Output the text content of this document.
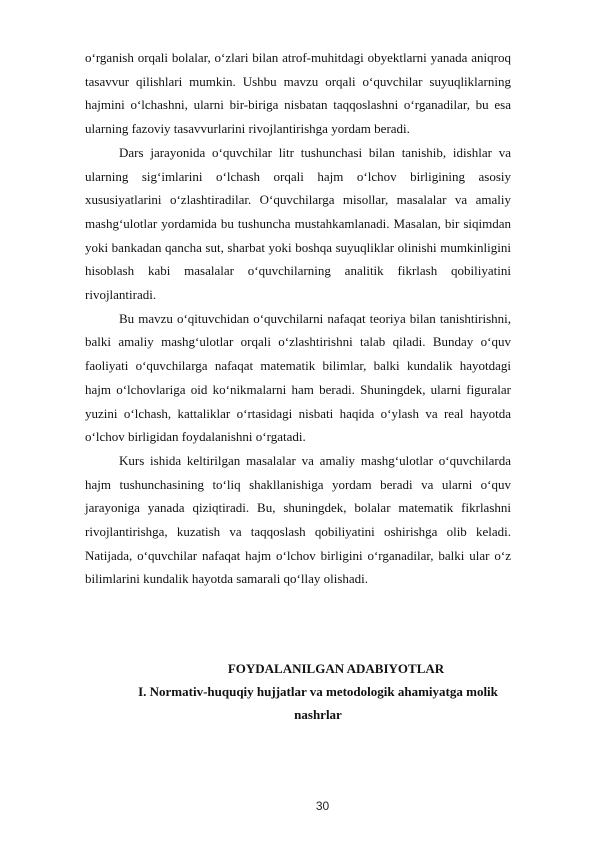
o‘rganish orqali bolalar, o‘zlari bilan atrof-muhitdagi obyektlarni yanada aniqroq tasavvur qilishlari mumkin. Ushbu mavzu orqali o‘quvchilar suyuqliklarning hajmini o‘lchashni, ularni bir-biriga nisbatan taqqoslashni o‘rganadilar, bu esa ularning fazoviy tasavvurlarini rivojlantirishga yordam beradi.

Dars jarayonida o‘quvchilar litr tushunchasi bilan tanishib, idishlar va ularning sig‘imlarini o‘lchash orqali hajm o‘lchov birligining asosiy xususiyatlarini o‘zlashtiradilar. O‘quvchilarga misollar, masalalar va amaliy mashg‘ulotlar yordamida bu tushuncha mustahkamlanadi. Masalan, bir siqimdan yoki bankadan qancha sut, sharbat yoki boshqa suyuqliklar olinishi mumkinligini hisoblash kabi masalalar o‘quvchilarning analitik fikrlash qobiliyatini rivojlantiradi.

Bu mavzu o‘qituvchidan o‘quvchilarni nafaqat teoriya bilan tanishtirishni, balki amaliy mashg‘ulotlar orqali o‘zlashtirishni talab qiladi. Bunday o‘quv faoliyati o‘quvchilarga nafaqat matematik bilimlar, balki kundalik hayotdagi hajm o‘lchovlariga oid ko‘nikmalarni ham beradi. Shuningdek, ularni figuralar yuzini o‘lchash, kattaliklar o‘rtasidagi nisbati haqida o‘ylash va real hayotda o‘lchov birligidan foydalanishni o‘rgatadi.

Kurs ishida keltirilgan masalalar va amaliy mashg‘ulotlar o‘quvchilarda hajm tushunchasining to‘liq shakllanishiga yordam beradi va ularni o‘quv jarayoniga yanada qiziqtiradi. Bu, shuningdek, bolalar matematik fikrlashni rivojlantirishga, kuzatish va taqqoslash qobiliyatini oshirishga olib keladi. Natijada, o‘quvchilar nafaqat hajm o‘lchov birligini o‘rganadilar, balki ular o‘z bilimlarini kundalik hayotda samarali qo‘llay olishadi.

FOYDALANILGAN ADABIYOTLAR

I. Normativ-huquqiy hujjatlar va metodologik ahamiyatga molik nashrlar

30
